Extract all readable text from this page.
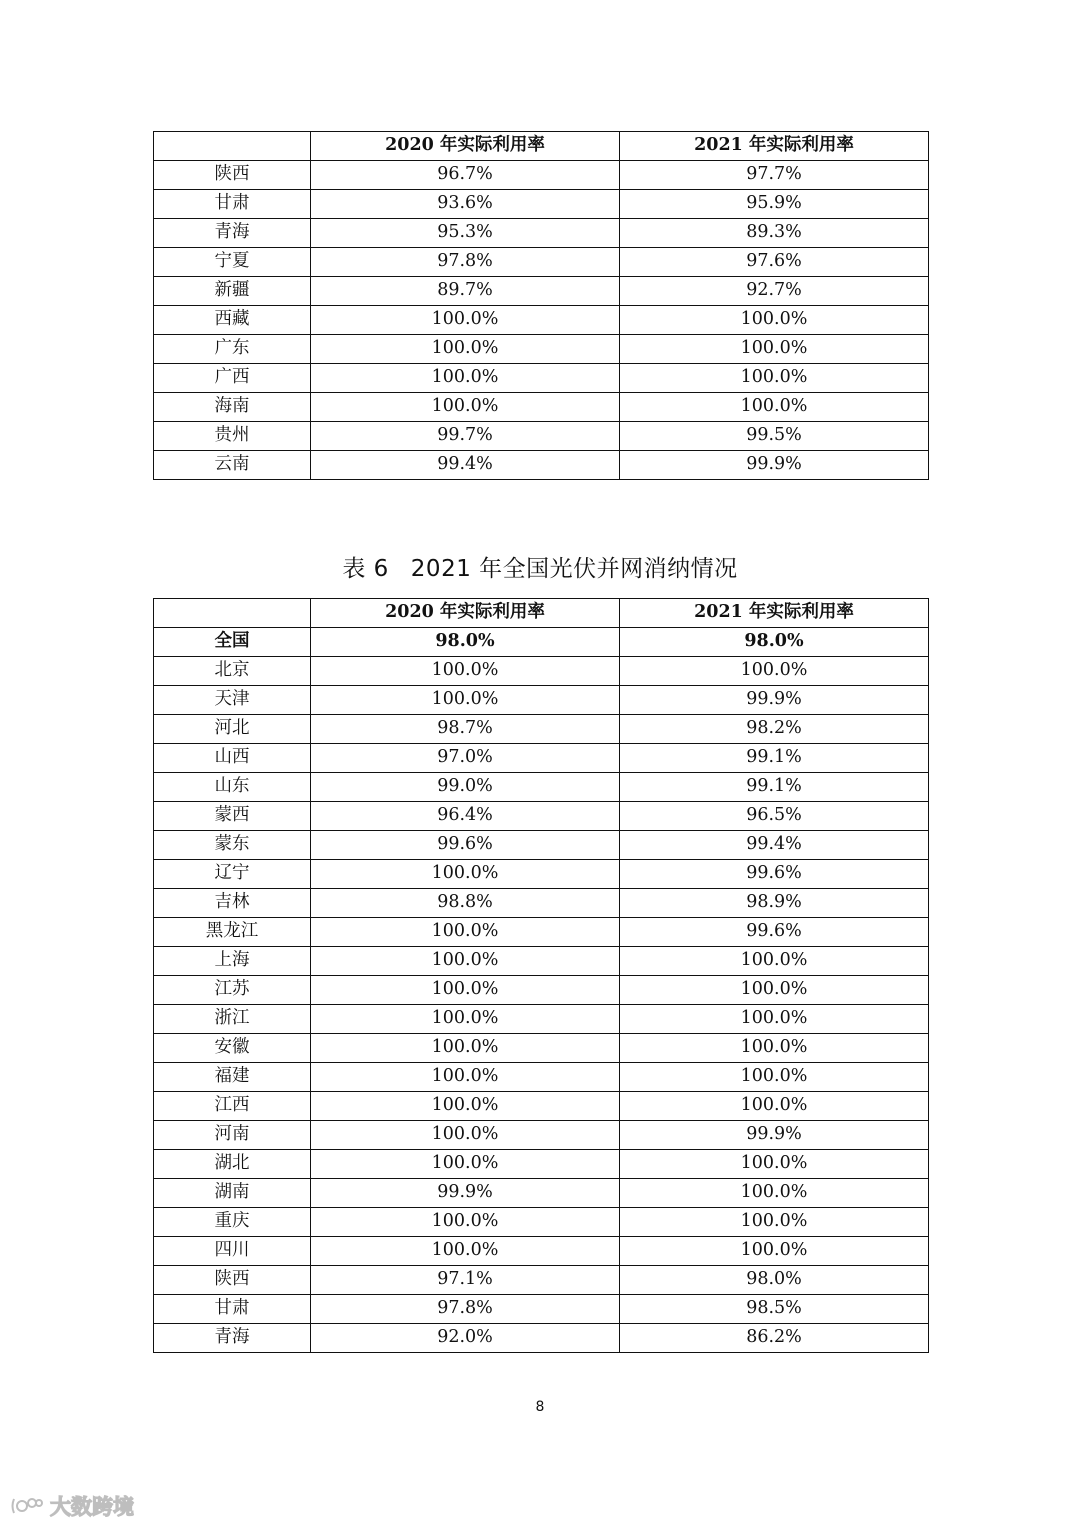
	2020 年实际利用率	2021 年实际利用率
陕西	96.7%	97.7%
甘肃	93.6%	95.9%
青海	95.3%	89.3%
宁夏	97.8%	97.6%
新疆	89.7%	92.7%
西藏	100.0%	100.0%
广东	100.0%	100.0%
广西	100.0%	100.0%
海南	100.0%	100.0%
贵州	99.7%	99.5%
云南	99.4%	99.9%
表 6 2021 年全国光伏并网消纳情况
	2020 年实际利用率	2021 年实际利用率
全国	98.0%	98.0%
北京	100.0%	100.0%
天津	100.0%	99.9%
河北	98.7%	98.2%
山西	97.0%	99.1%
山东	99.0%	99.1%
蒙西	96.4%	96.5%
蒙东	99.6%	99.4%
辽宁	100.0%	99.6%
吉林	98.8%	98.9%
黑龙江	100.0%	99.6%
上海	100.0%	100.0%
江苏	100.0%	100.0%
浙江	100.0%	100.0%
安徽	100.0%	100.0%
福建	100.0%	100.0%
江西	100.0%	100.0%
河南	100.0%	99.9%
湖北	100.0%	100.0%
湖南	99.9%	100.0%
重庆	100.0%	100.0%
四川	100.0%	100.0%
陕西	97.1%	98.0%
甘肃	97.8%	98.5%
青海	92.0%	86.2%
8
大数跨境
